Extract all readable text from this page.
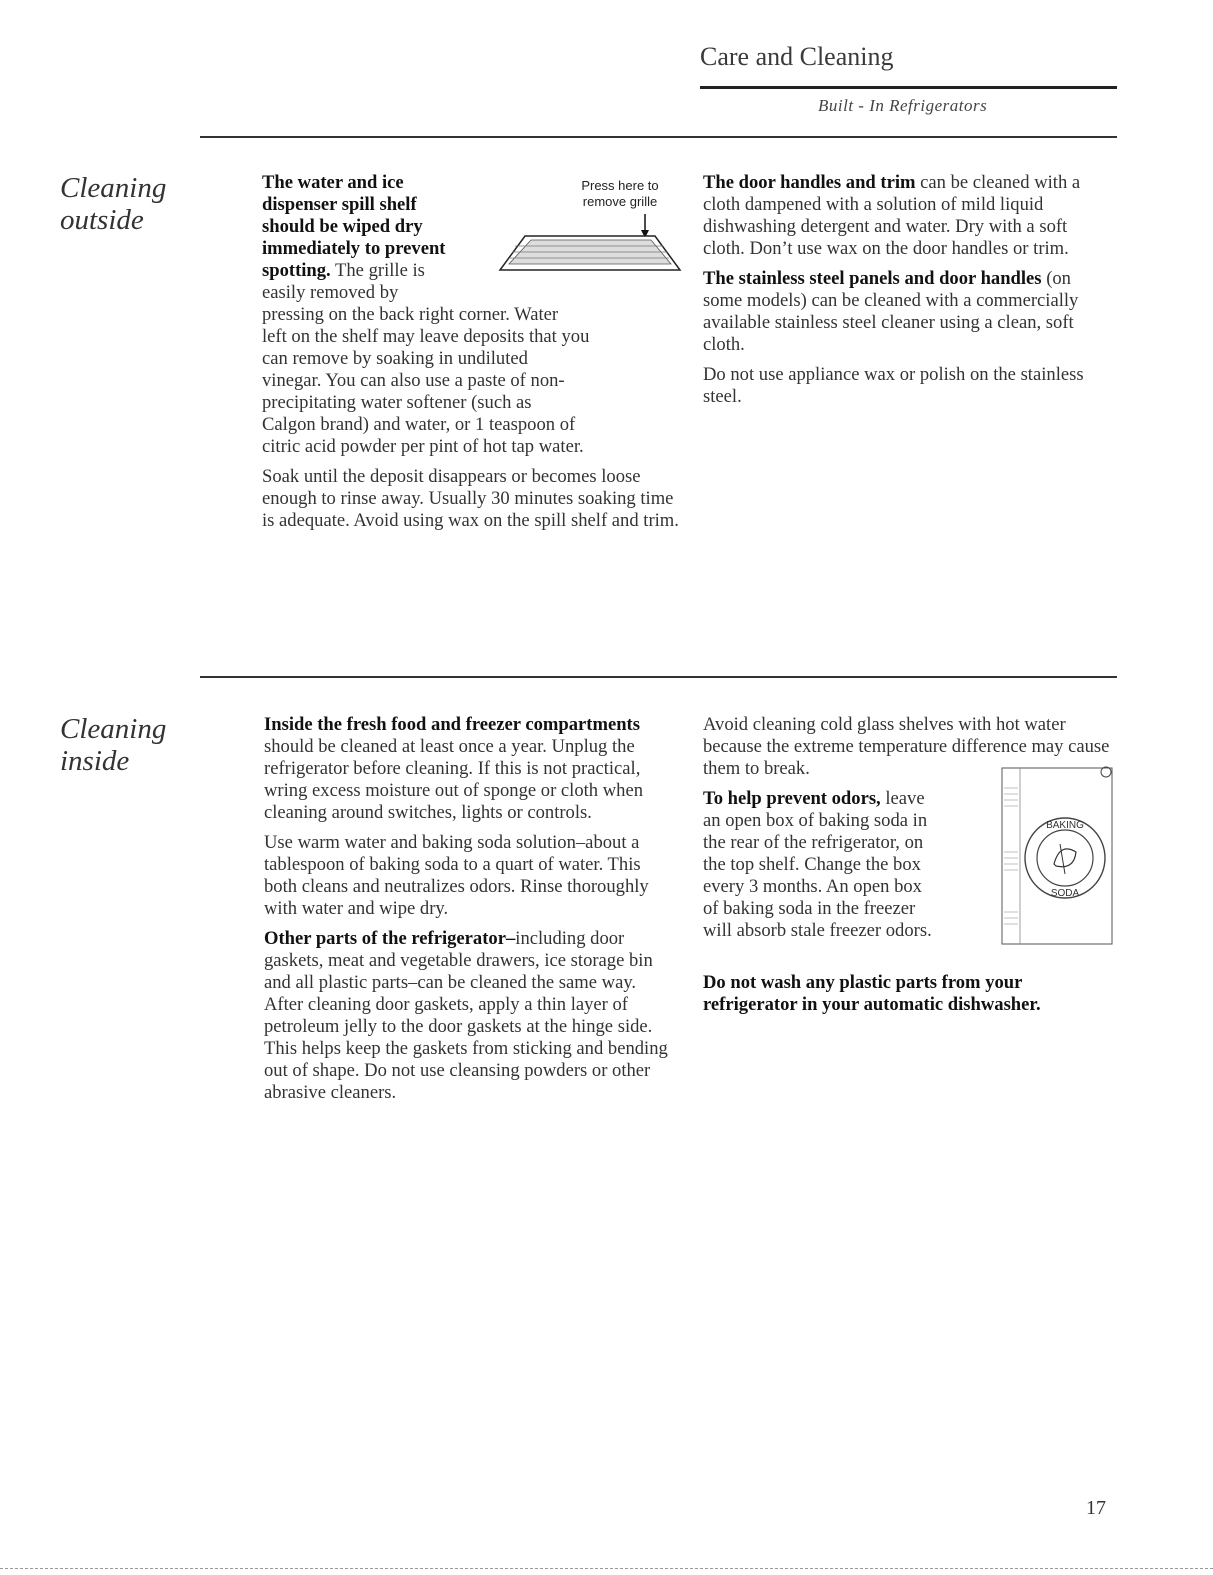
Care and Cleaning
Built - In Refrigerators
Cleaning
outside
The water and ice
dispenser spill shelf
should be wiped dry
immediately to prevent
spotting. The grille is
easily removed by
pressing on the back right corner. Water
left on the shelf may leave deposits that you
can remove by soaking in undiluted
vinegar. You can also use a paste of non-
precipitating water softener (such as
Calgon brand) and water, or 1 teaspoon of
citric acid powder per pint of hot tap water.

Soak until the deposit disappears or becomes loose enough to rinse away. Usually 30 minutes soaking time is adequate. Avoid using wax on the spill shelf and trim.

Press here to
remove grille

The door handles and trim can be cleaned with a cloth dampened with a solution of mild liquid dishwashing detergent and water. Dry with a soft cloth. Don’t use wax on the door handles or trim.

The stainless steel panels and door handles (on some models) can be cleaned with a commercially available stainless steel cleaner using a clean, soft cloth.

Do not use appliance wax or polish on the stainless steel.

Cleaning
inside

Inside the fresh food and freezer compartments should be cleaned at least once a year. Unplug the refrigerator before cleaning. If this is not practical, wring excess moisture out of sponge or cloth when cleaning around switches, lights or controls.

Use warm water and baking soda solution–about a tablespoon of baking soda to a quart of water. This both cleans and neutralizes odors. Rinse thoroughly with water and wipe dry.

Other parts of the refrigerator–including door gaskets, meat and vegetable drawers, ice storage bin and all plastic parts–can be cleaned the same way. After cleaning door gaskets, apply a thin layer of petroleum jelly to the door gaskets at the hinge side. This helps keep the gaskets from sticking and bending out of shape. Do not use cleansing powders or other abrasive cleaners.

Avoid cleaning cold glass shelves with hot water because the extreme temperature difference may cause them to break.

To help prevent odors, leave
an open box of baking soda in
the rear of the refrigerator, on
the top shelf. Change the box
every 3 months. An open box
of baking soda in the freezer
will absorb stale freezer odors.

Do not wash any plastic parts from your refrigerator in your automatic dishwasher.

BAKING
SODA
17
